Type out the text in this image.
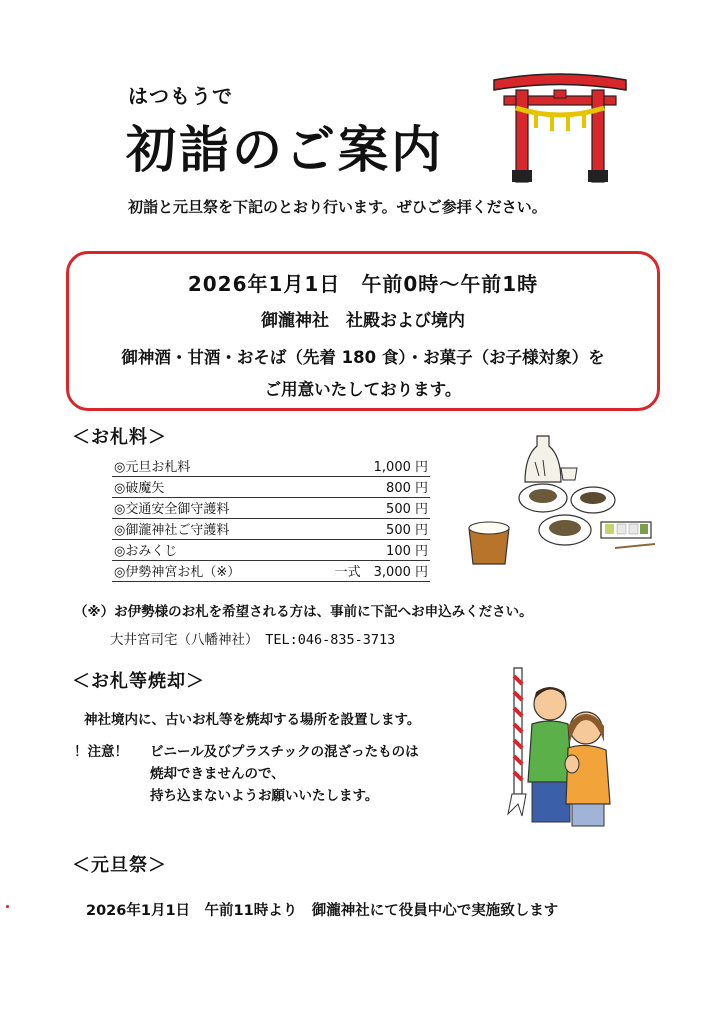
はつもうで
初詣のご案内
初詣と元旦祭を下記のとおり行います。ぜひご参拝ください。
2026年1月1日　午前0時～午前1時
御瀧神社　社殿および境内
御神酒・甘酒・おそば（先着 180 食）・お菓子（お子様対象）を
ご用意いたしております。
＜お札料＞
◎元旦お札料	1,000 円
◎破魔矢	800 円
◎交通安全御守護料	500 円
◎御瀧神社ご守護料	500 円
◎おみくじ	100 円
◎伊勢神宮お札（※）	一式　3,000 円
（※）お伊勢様のお札を希望される方は、事前に下記へお申込みください。
大井宮司宅（八幡神社）　TEL:046-835-3713
＜お札等焼却＞
神社境内に、古いお札等を焼却する場所を設置します。
！注意！ ビニール及びプラスチックの混ざったものは
焼却できませんので、
持ち込まないようお願いいたします。
＜元旦祭＞
2026年1月1日　午前11時より　御瀧神社にて役員中心で実施致します
